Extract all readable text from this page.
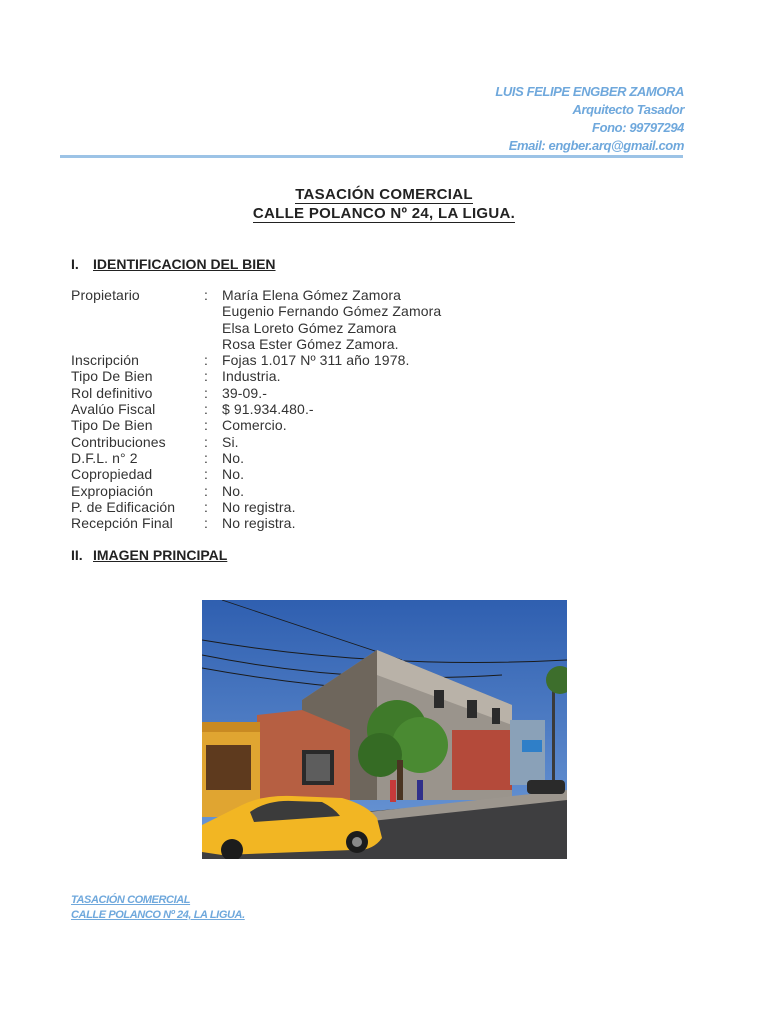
LUIS FELIPE ENGBER ZAMORA
Arquitecto Tasador
Fono: 99797294
Email: engber.arq@gmail.com
TASACIÓN COMERCIAL
CALLE POLANCO Nº 24, LA LIGUA.
I. IDENTIFICACION DEL BIEN
Propietario	:	María Elena Gómez Zamora
Eugenio Fernando Gómez Zamora
Elsa Loreto Gómez Zamora
Rosa Ester Gómez Zamora.
Inscripción	:	Fojas 1.017 Nº 311 año 1978.
Tipo De Bien	:	Industria.
Rol definitivo	:	39-09.-
Avalúo Fiscal	:	$ 91.934.480.-
Tipo De Bien	:	Comercio.
Contribuciones	:	Si.
D.F.L. n° 2	:	No.
Copropiedad	:	No.
Expropiación	:	No.
P. de Edificación	:	No registra.
Recepción Final	:	No registra.
II. IMAGEN PRINCIPAL
TASACIÓN COMERCIAL
CALLE POLANCO Nº 24, LA LIGUA.
